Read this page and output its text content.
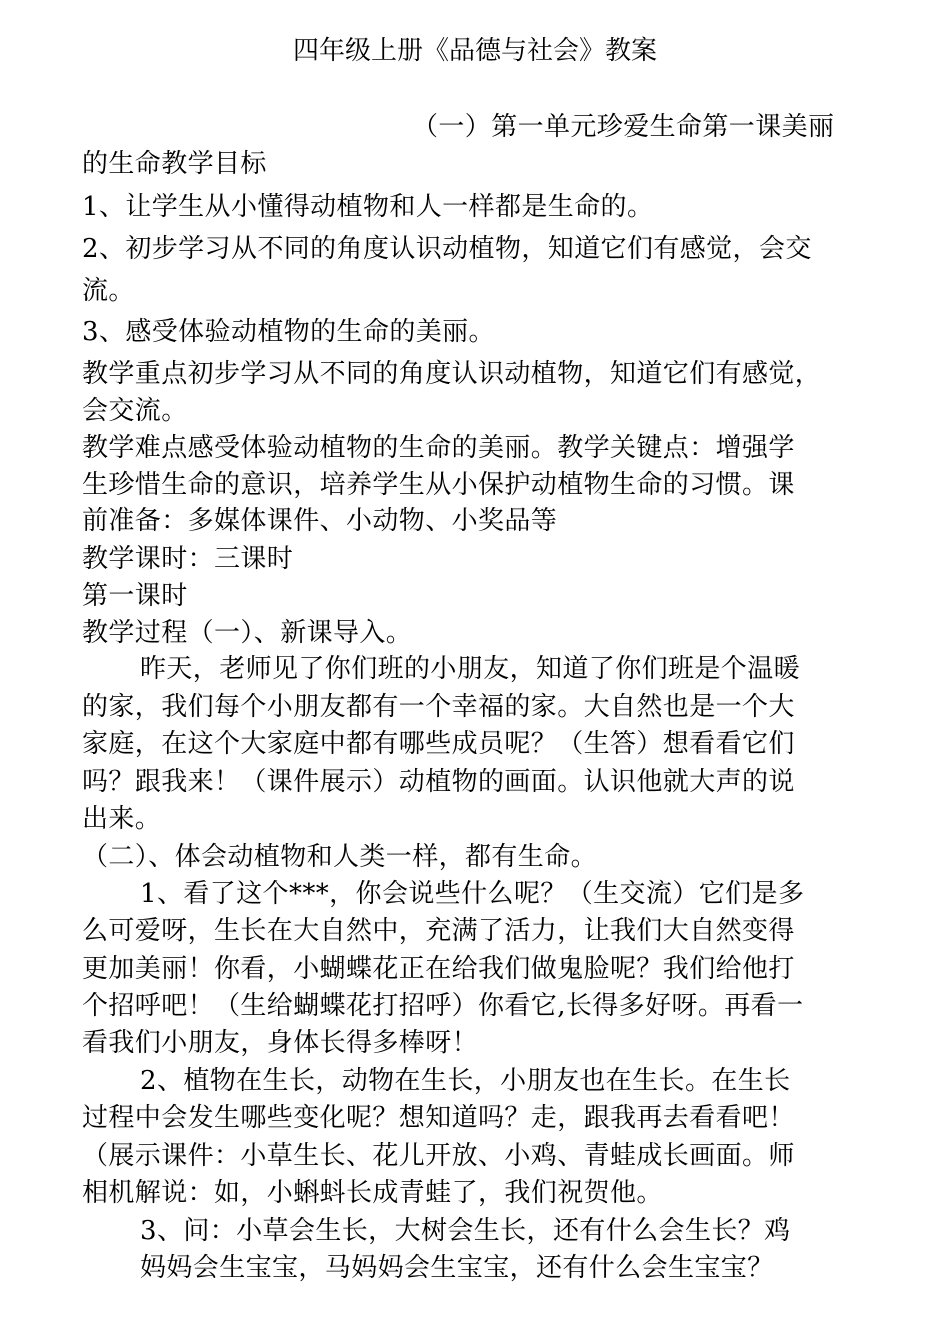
四年级上册《品德与社会》教案
（一）第一单元珍爱生命第一课美丽
的生命教学目标
1、让学生从小懂得动植物和人一样都是生命的。
2、初步学习从不同的角度认识动植物，知道它们有感觉，会交
流。
3、感受体验动植物的生命的美丽。
教学重点初步学习从不同的角度认识动植物，知道它们有感觉，
会交流。
教学难点感受体验动植物的生命的美丽。教学关键点：增强学
生珍惜生命的意识，培养学生从小保护动植物生命的习惯。课
前准备：多媒体课件、小动物、小奖品等
教学课时：三课时
第一课时
教学过程（一）、新课导入。
昨天，老师见了你们班的小朋友，知道了你们班是个温暖
的家，我们每个小朋友都有一个幸福的家。大自然也是一个大
家庭，在这个大家庭中都有哪些成员呢？（生答）想看看它们
吗？跟我来！（课件展示）动植物的画面。认识他就大声的说
出来。
（二）、体会动植物和人类一样，都有生命。
1、看了这个***，你会说些什么呢？（生交流）它们是多
么可爱呀，生长在大自然中，充满了活力，让我们大自然变得
更加美丽！你看，小蝴蝶花正在给我们做鬼脸呢？我们给他打
个招呼吧！（生给蝴蝶花打招呼）你看它,长得多好呀。再看一
看我们小朋友，身体长得多棒呀！
2、植物在生长，动物在生长，小朋友也在生长。在生长
过程中会发生哪些变化呢？想知道吗？走，跟我再去看看吧！
（展示课件：小草生长、花儿开放、小鸡、青蛙成长画面。师
相机解说：如，小蝌蚪长成青蛙了，我们祝贺他。
3、问：小草会生长，大树会生长，还有什么会生长？鸡
妈妈会生宝宝，马妈妈会生宝宝，还有什么会生宝宝？
